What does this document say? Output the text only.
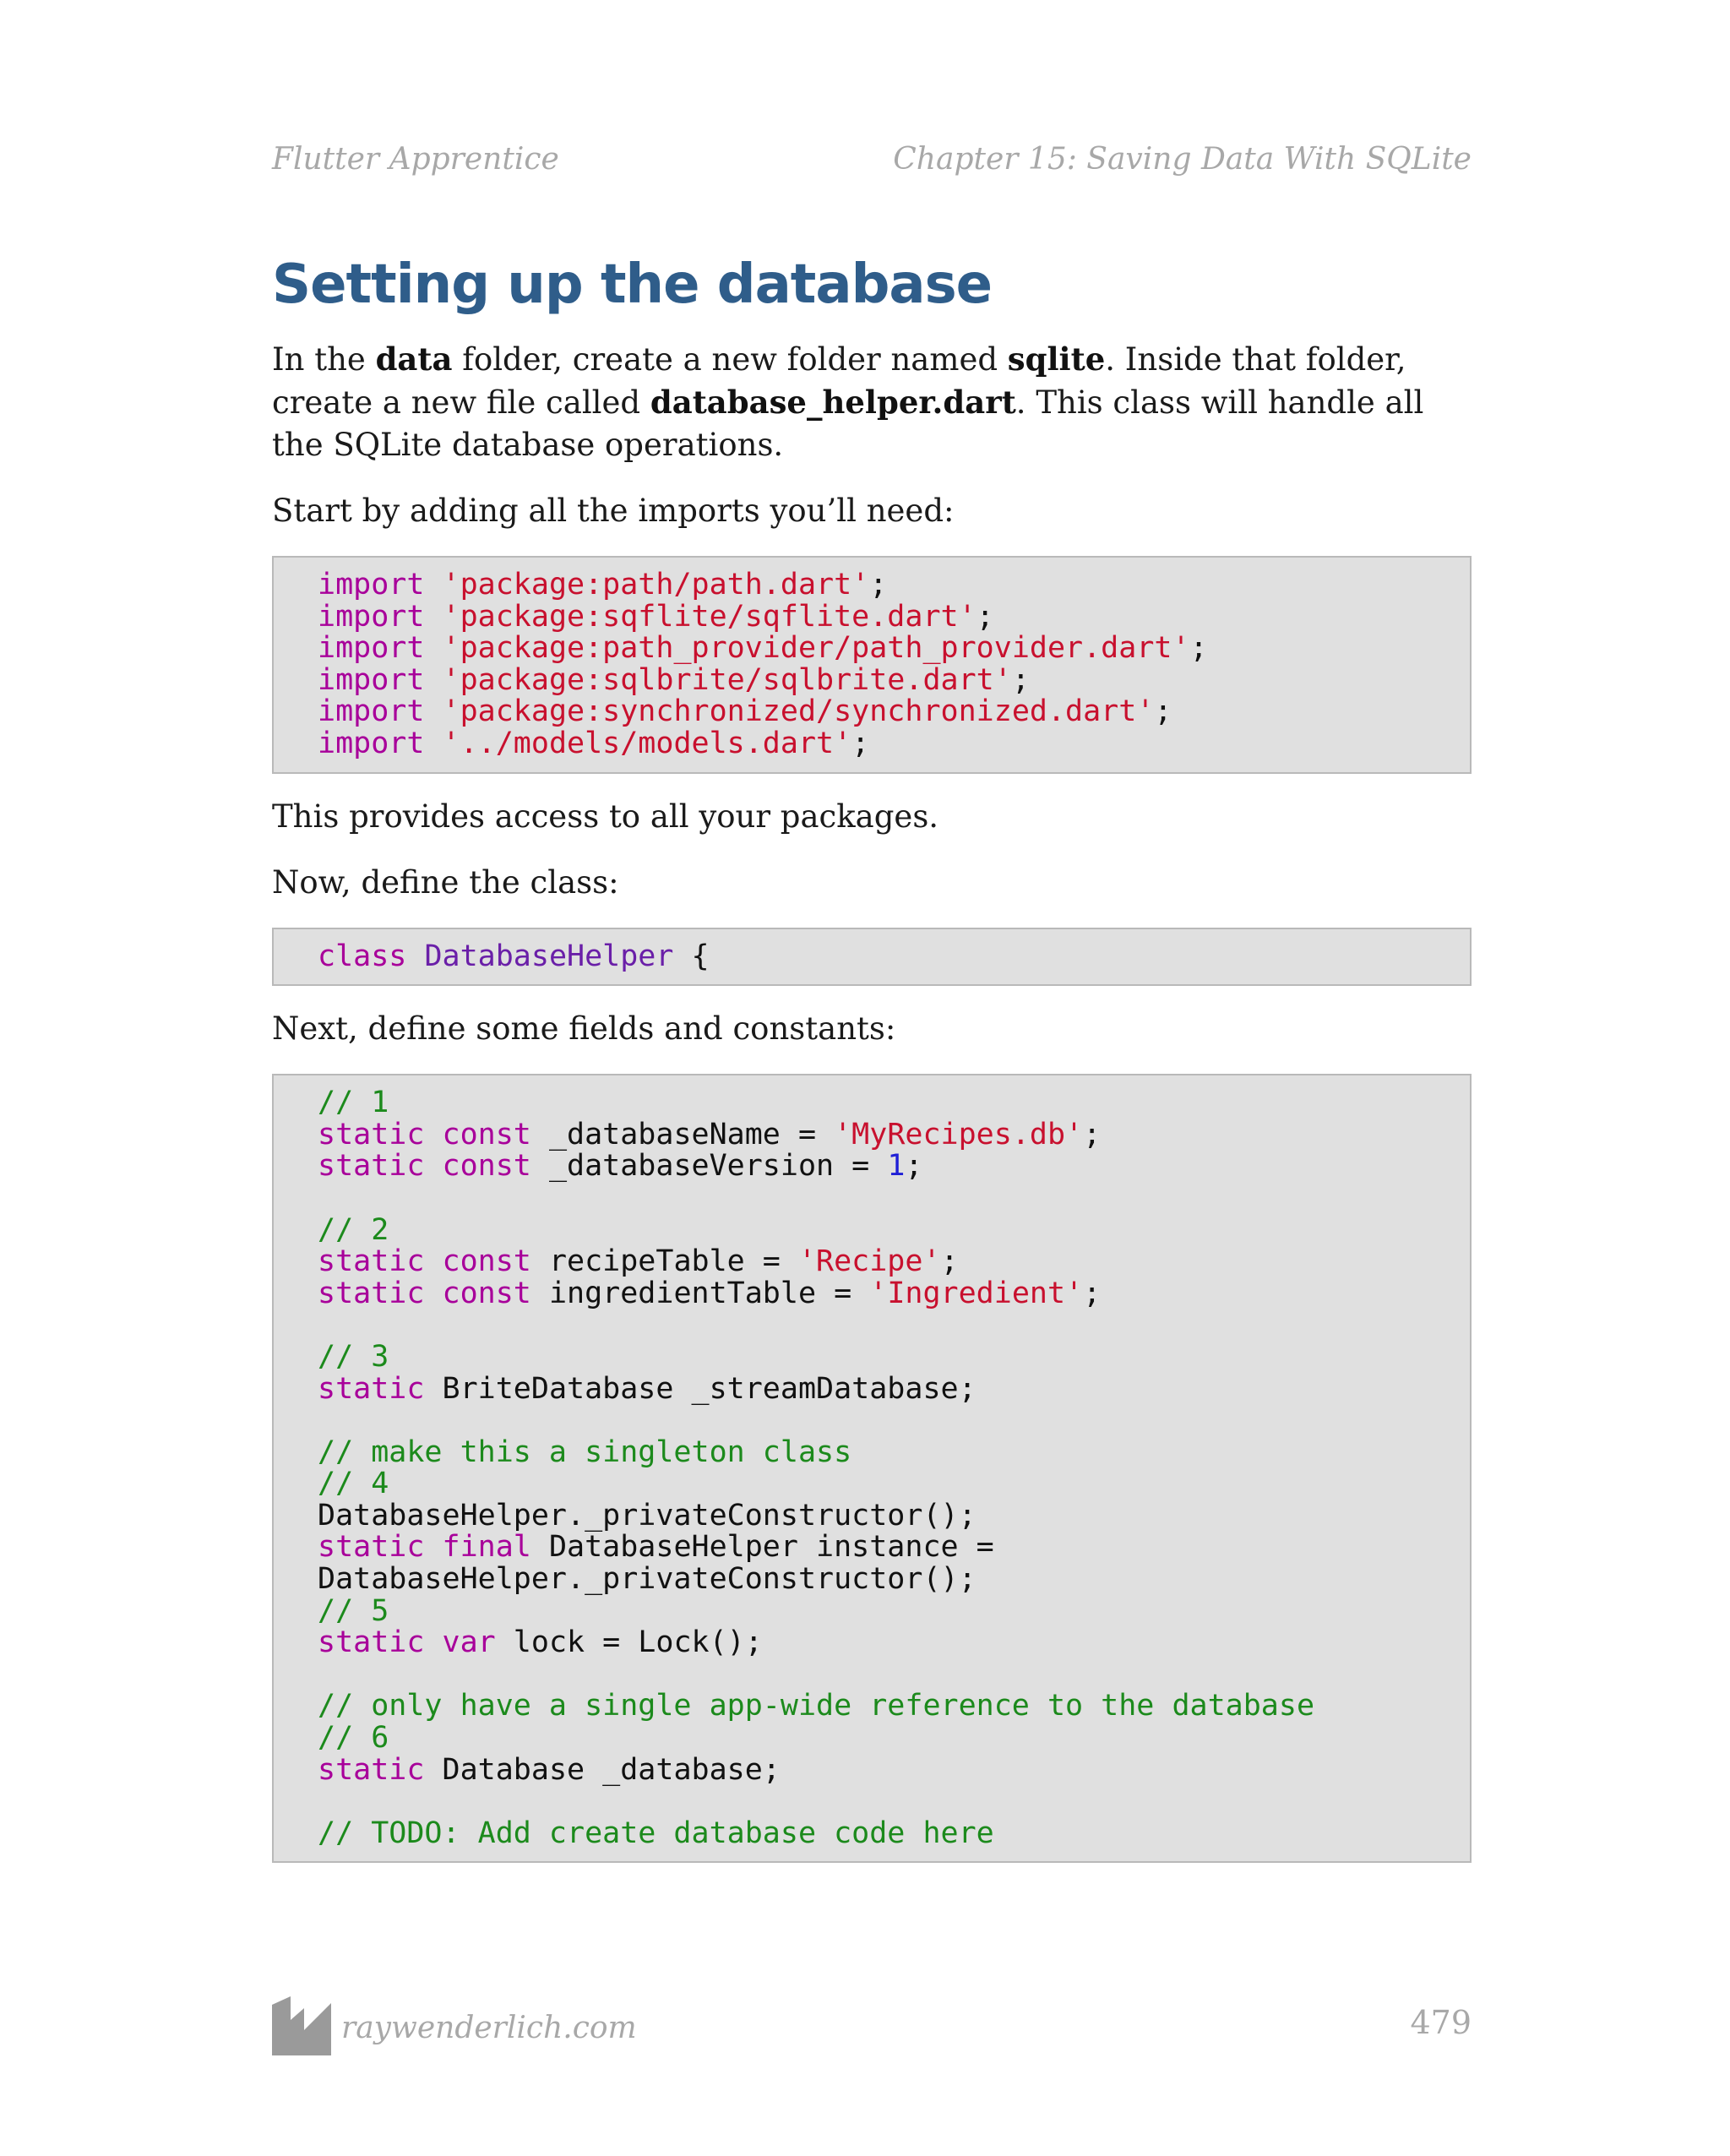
Flutter Apprentice	Chapter 15: Saving Data With SQLite
Setting up the database

In the data folder, create a new folder named sqlite. Inside that folder, create a new file called database_helper.dart. This class will handle all the SQLite database operations.

Start by adding all the imports you’ll need:

import 'package:path/path.dart';
import 'package:sqflite/sqflite.dart';
import 'package:path_provider/path_provider.dart';
import 'package:sqlbrite/sqlbrite.dart';
import 'package:synchronized/synchronized.dart';
import '../models/models.dart';

This provides access to all your packages.

Now, define the class:

class DatabaseHelper {

Next, define some fields and constants:

// 1
static const _databaseName = 'MyRecipes.db';
static const _databaseVersion = 1;
// 2
static const recipeTable = 'Recipe';
static const ingredientTable = 'Ingredient';
// 3
static BriteDatabase _streamDatabase;
// make this a singleton class
// 4
DatabaseHelper._privateConstructor();
static final DatabaseHelper instance =
DatabaseHelper._privateConstructor();
// 5
static var lock = Lock();
// only have a single app-wide reference to the database
// 6
static Database _database;
// TODO: Add create database code here
raywenderlich.com	479
